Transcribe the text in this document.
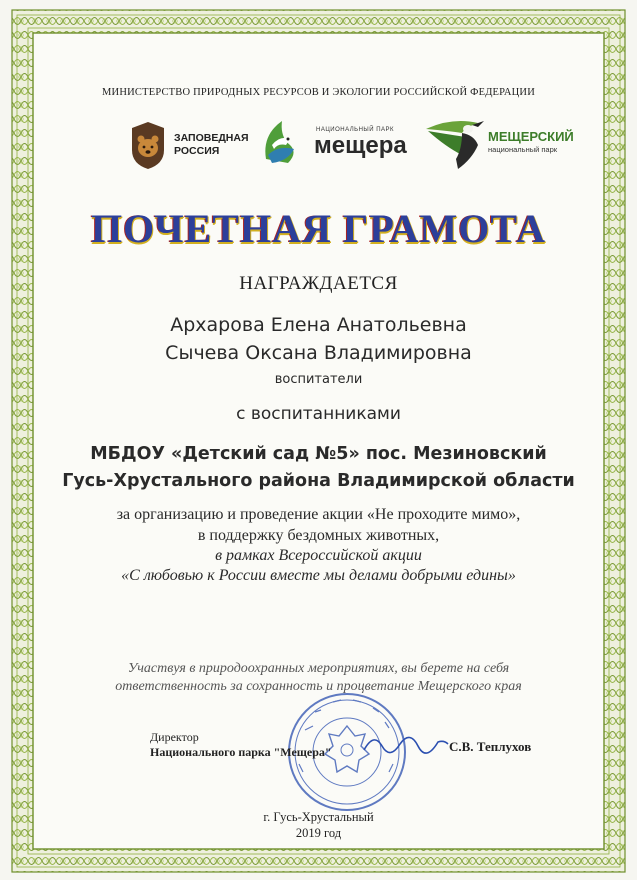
МИНИСТЕРСТВО ПРИРОДНЫХ РЕСУРСОВ И ЭКОЛОГИИ РОССИЙСКОЙ ФЕДЕРАЦИИ
ЗАПОВЕДНАЯ
РОССИЯ
НАЦИОНАЛЬНЫЙ ПАРК
мещера	МЕЩЕРСКИЙ
национальный парк
ПОЧЕТНАЯ ГРАМОТА
НАГРАЖДАЕТСЯ
Архарова Елена Анатольевна
Сычева Оксана Владимировна
воспитатели
с воспитанниками
МБДОУ «Детский сад №5» пос. Мезиновский
Гусь-Хрустального района Владимирской области
за организацию и проведение акции «Не проходите мимо»,
в поддержку бездомных животных,
в рамках Всероссийской акции
«С любовью к России вместе мы делами добрыми едины»
Участвуя в природоохранных мероприятиях, вы берете на себя
ответственность за сохранность и процветание Мещерского края
Директор
Национального парка "Мещера"	С.В. Теплухов
г. Гусь-Хрустальный
2019 год
